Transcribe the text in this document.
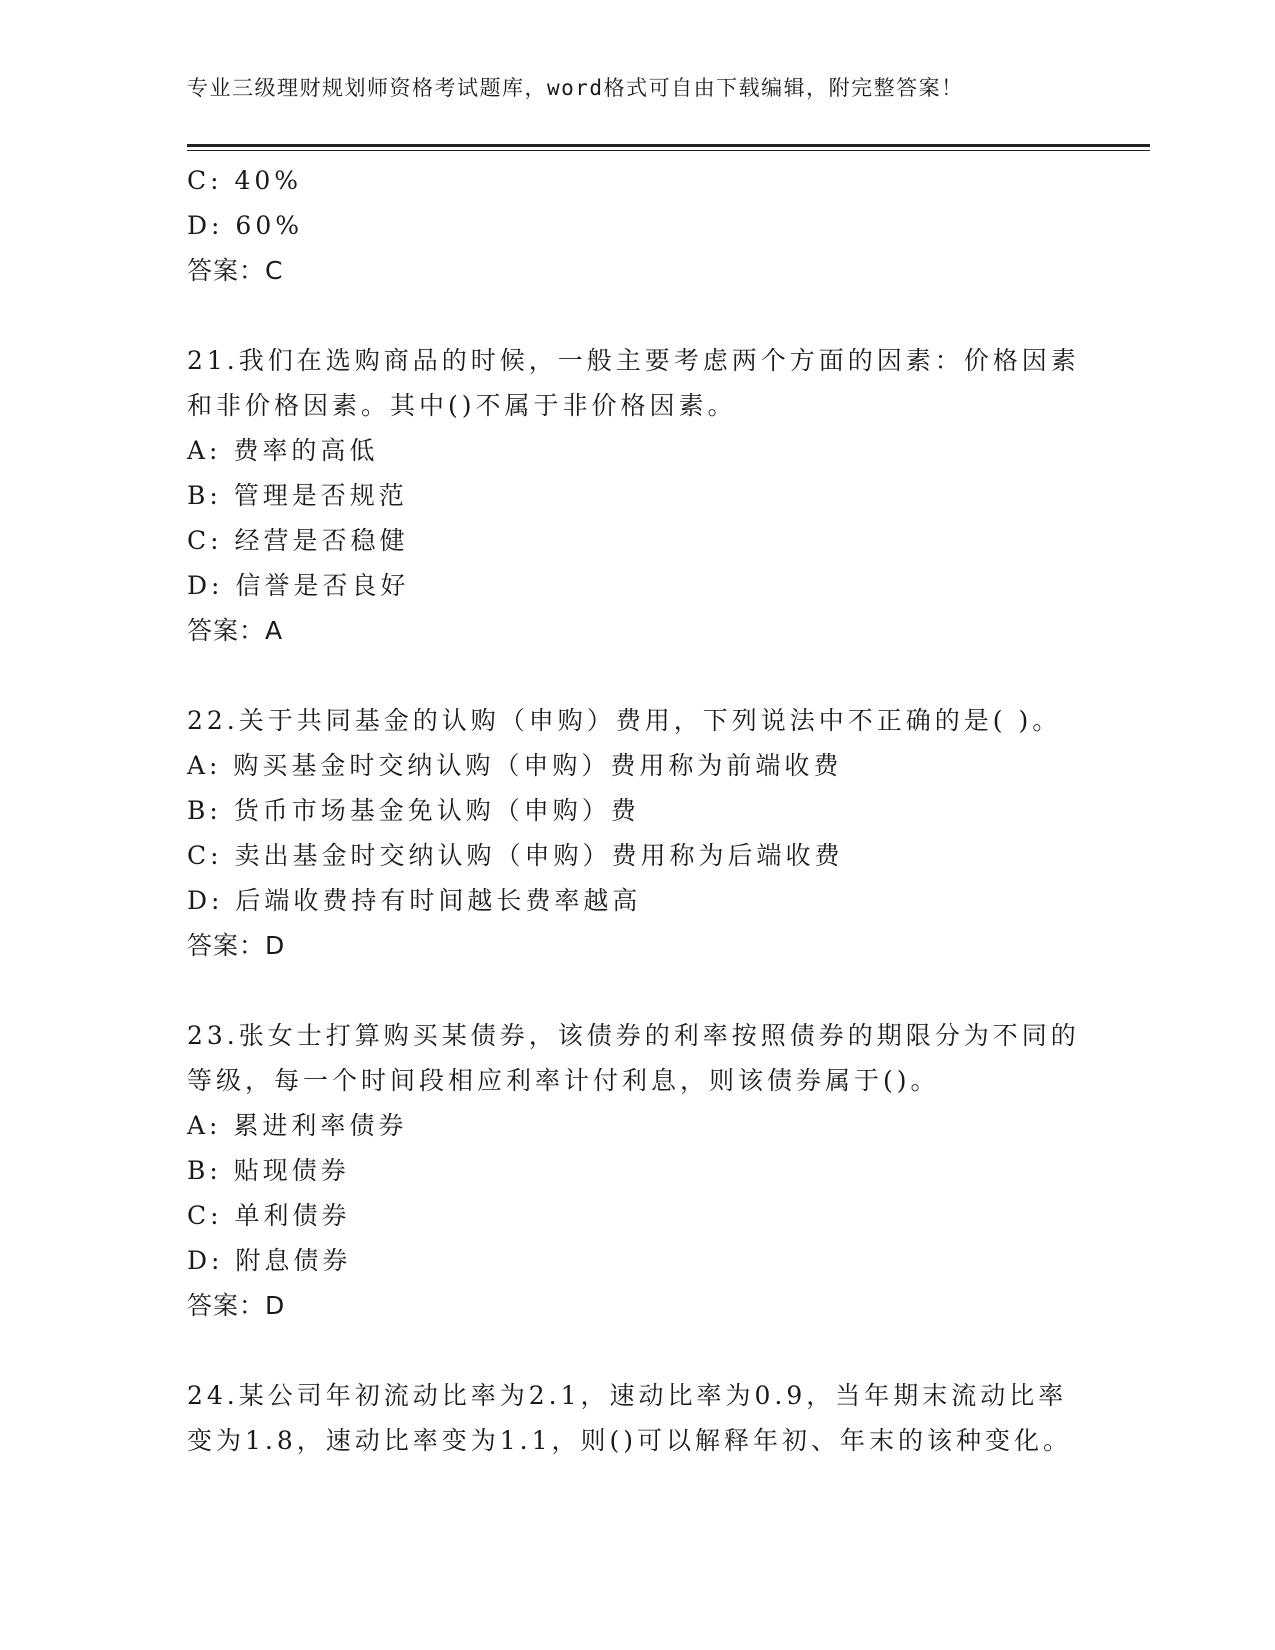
专业三级理财规划师资格考试题库，word格式可自由下载编辑，附完整答案！
C: 40%
D: 60%
答案：C
21.我们在选购商品的时候，一般主要考虑两个方面的因素：价格因素
和非价格因素。其中()不属于非价格因素。
A: 费率的高低
B: 管理是否规范
C: 经营是否稳健
D: 信誉是否良好
答案：A
22.关于共同基金的认购（申购）费用，下列说法中不正确的是( )。
A: 购买基金时交纳认购（申购）费用称为前端收费
B: 货币市场基金免认购（申购）费
C: 卖出基金时交纳认购（申购）费用称为后端收费
D: 后端收费持有时间越长费率越高
答案：D
23.张女士打算购买某债券，该债券的利率按照债券的期限分为不同的
等级，每一个时间段相应利率计付利息，则该债券属于()。
A: 累进利率债券
B: 贴现债券
C: 单利债券
D: 附息债券
答案：D
24.某公司年初流动比率为2.1，速动比率为0.9，当年期末流动比率
变为1.8，速动比率变为1.1，则()可以解释年初、年末的该种变化。
